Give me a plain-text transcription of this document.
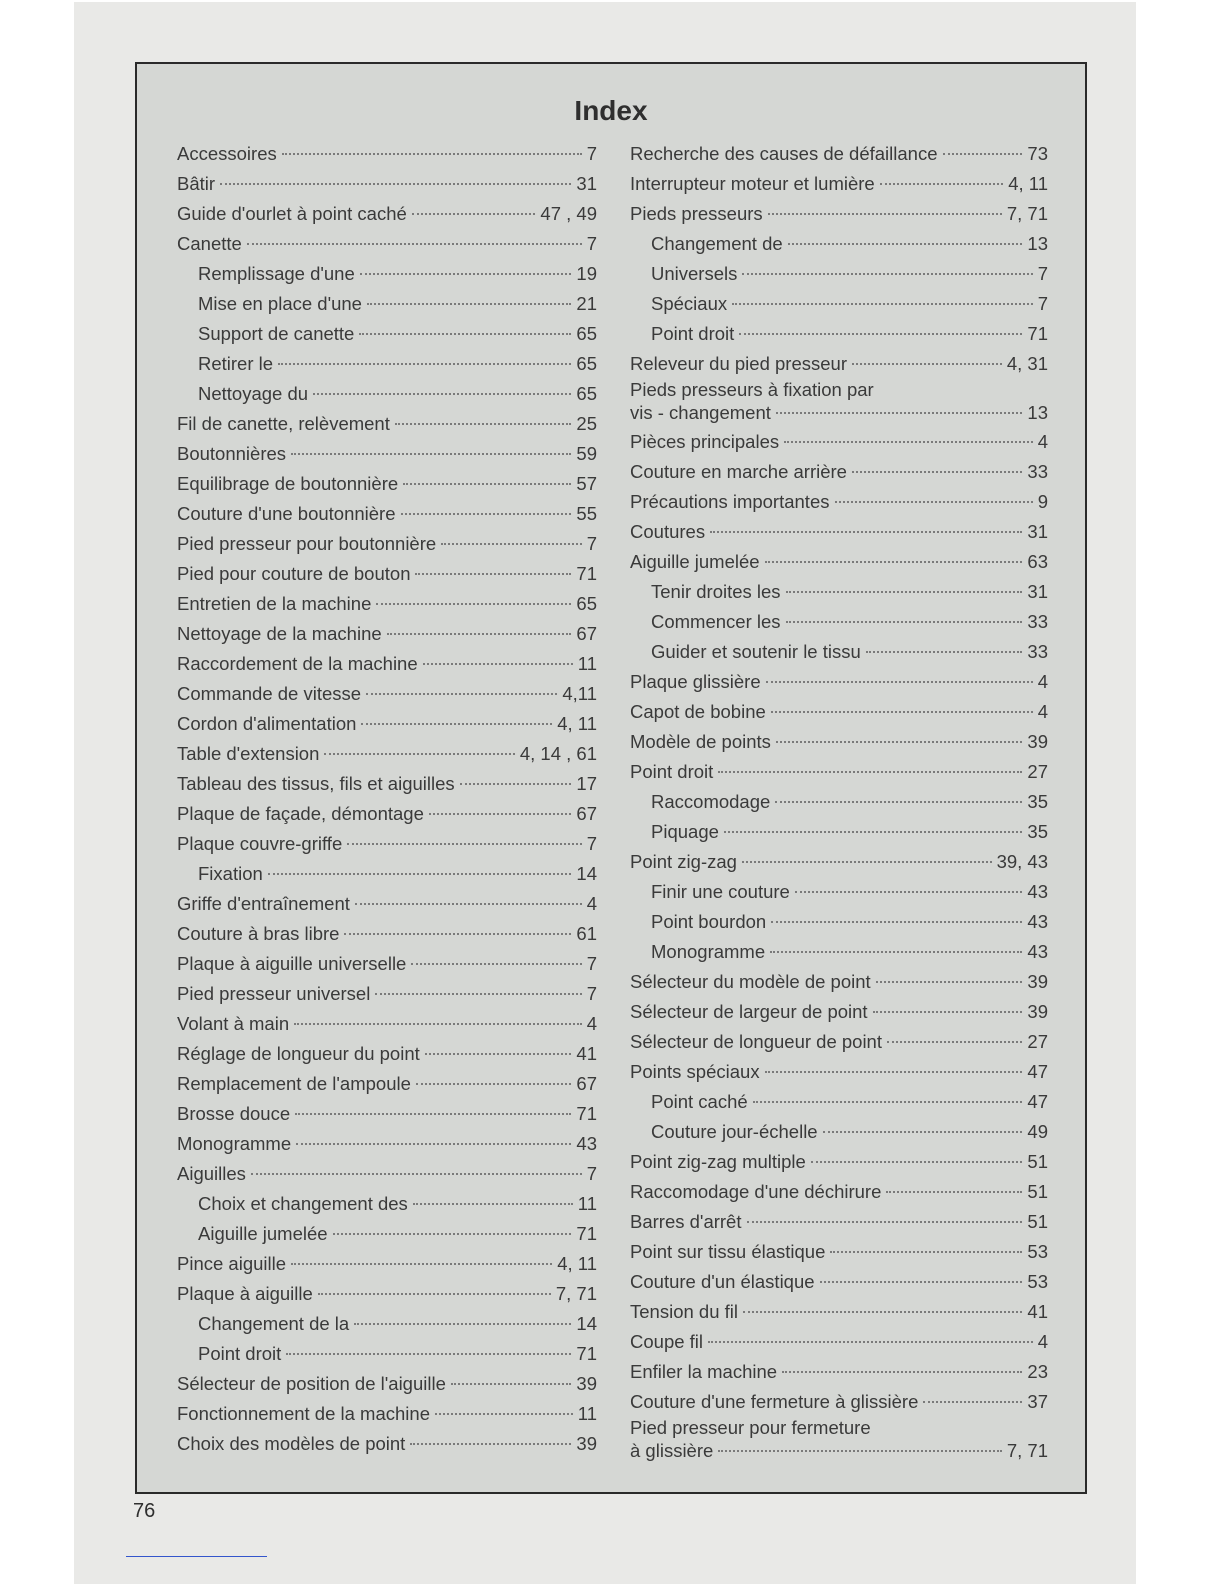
Index
Accessoires	7
Bâtir	31
Guide d'ourlet à point caché	47 , 49
Canette	7
Remplissage d'une	19
Mise en place d'une	21
Support de canette	65
Retirer le	65
Nettoyage du	65
Fil de canette, relèvement	25
Boutonnières	59
Equilibrage de boutonnière	57
Couture d'une boutonnière	55
Pied presseur pour boutonnière	7
Pied pour couture de bouton	71
Entretien de la machine	65
Nettoyage de la machine	67
Raccordement de la machine	11
Commande de vitesse	4,11
Cordon d'alimentation	4, 11
Table d'extension	4, 14 , 61
Tableau des tissus, fils et aiguilles	17
Plaque de façade, démontage	67
Plaque couvre-griffe	7
Fixation	14
Griffe d'entraînement	4
Couture à bras libre	61
Plaque à aiguille universelle	7
Pied presseur universel	7
Volant à main	4
Réglage de longueur du point	41
Remplacement de l'ampoule	67
Brosse douce	71
Monogramme	43
Aiguilles	7
Choix et changement des	11
Aiguille jumelée	71
Pince aiguille	4, 11
Plaque à aiguille	7, 71
Changement de la	14
Point droit	71
Sélecteur de position de l'aiguille	39
Fonctionnement de la machine	11
Choix des modèles de point	39
Recherche des causes de défaillance	73
Interrupteur moteur et lumière	4, 11
Pieds presseurs	7, 71
Changement de	13
Universels	7
Spéciaux	7
Point droit	71
Releveur du pied presseur	4, 31
Pieds presseurs à fixation par
vis - changement	13
Pièces principales	4
Couture en marche arrière	33
Précautions importantes	9
Coutures	31
Aiguille jumelée	63
Tenir droites les	31
Commencer les	33
Guider et soutenir le tissu	33
Plaque glissière	4
Capot de bobine	4
Modèle de points	39
Point droit	27
Raccomodage	35
Piquage	35
Point zig-zag	39, 43
Finir une couture	43
Point bourdon	43
Monogramme	43
Sélecteur du modèle de point	39
Sélecteur de largeur de point	39
Sélecteur de longueur de point	27
Points spéciaux	47
Point caché	47
Couture jour-échelle	49
Point zig-zag multiple	51
Raccomodage d'une déchirure	51
Barres d'arrêt	51
Point sur tissu élastique	53
Couture d'un élastique	53
Tension du fil	41
Coupe fil	4
Enfiler la machine	23
Couture d'une fermeture à glissière	37
Pied presseur pour fermeture
à glissière	7, 71
76
